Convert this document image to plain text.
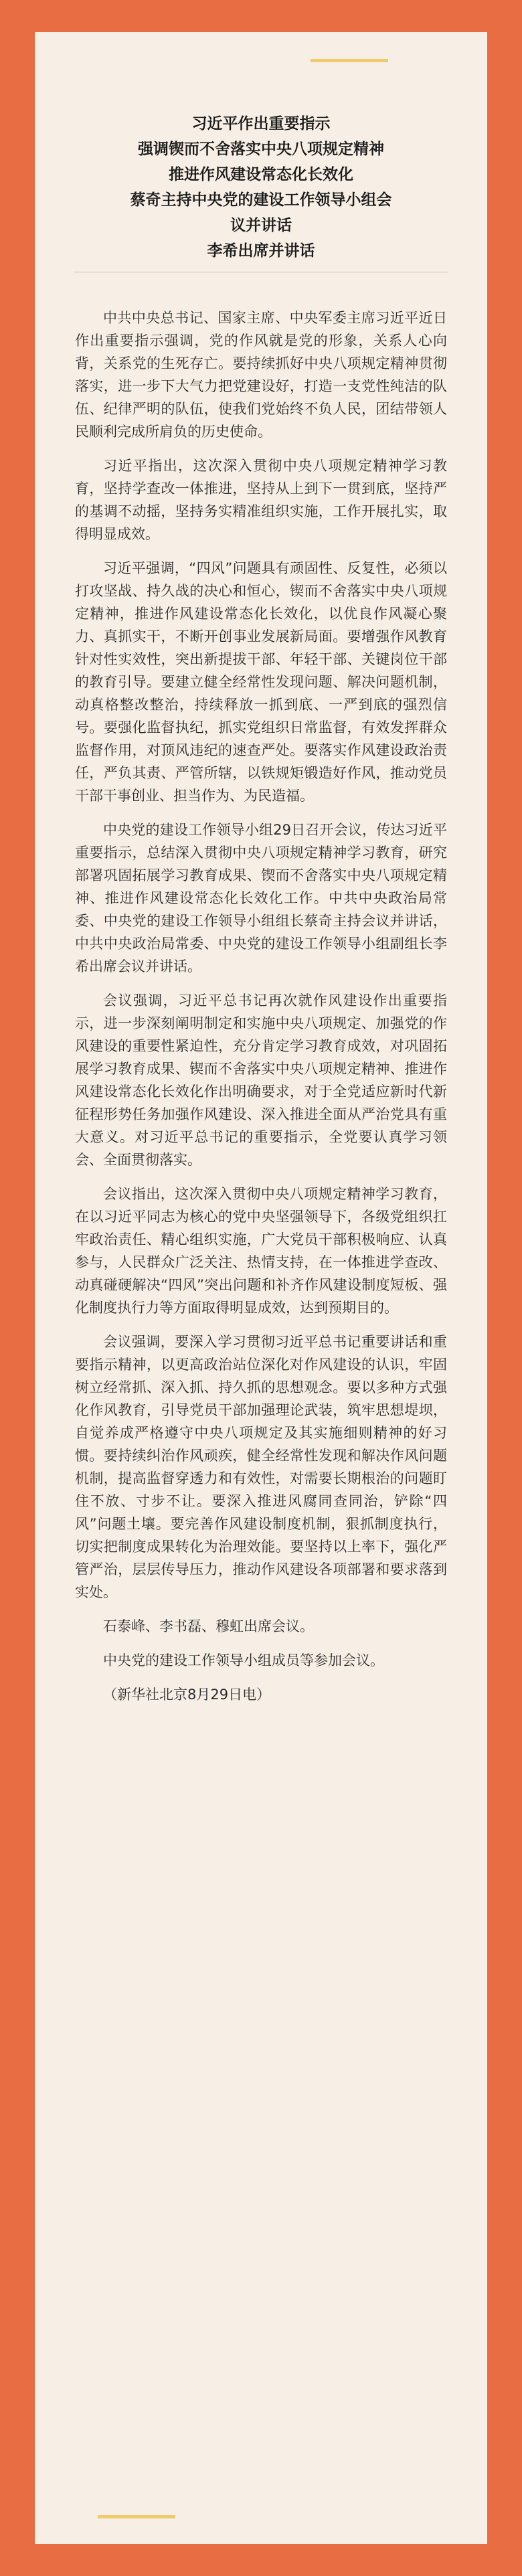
习近平作出重要指示
强调锲而不舍落实中央八项规定精神
推进作风建设常态化长效化
蔡奇主持中央党的建设工作领导小组会
议并讲话
李希出席并讲话

中共中央总书记、国家主席、中央军委主席习近平近日作出重要指示强调，党的作风就是党的形象，关系人心向背，关系党的生死存亡。要持续抓好中央八项规定精神贯彻落实，进一步下大气力把党建设好，打造一支党性纯洁的队伍、纪律严明的队伍，使我们党始终不负人民，团结带领人民顺利完成所肩负的历史使命。

习近平指出，这次深入贯彻中央八项规定精神学习教育，坚持学查改一体推进，坚持从上到下一贯到底，坚持严的基调不动摇，坚持务实精准组织实施，工作开展扎实，取得明显成效。

习近平强调，“四风”问题具有顽固性、反复性，必须以打攻坚战、持久战的决心和恒心，锲而不舍落实中央八项规定精神，推进作风建设常态化长效化，以优良作风凝心聚力、真抓实干，不断开创事业发展新局面。要增强作风教育针对性实效性，突出新提拔干部、年轻干部、关键岗位干部的教育引导。要建立健全经常性发现问题、解决问题机制，动真格整改整治，持续释放一抓到底、一严到底的强烈信号。要强化监督执纪，抓实党组织日常监督，有效发挥群众监督作用，对顶风违纪的速查严处。要落实作风建设政治责任，严负其责、严管所辖，以铁规矩锻造好作风，推动党员干部干事创业、担当作为、为民造福。

中央党的建设工作领导小组29日召开会议，传达习近平重要指示，总结深入贯彻中央八项规定精神学习教育，研究部署巩固拓展学习教育成果、锲而不舍落实中央八项规定精神、推进作风建设常态化长效化工作。中共中央政治局常委、中央党的建设工作领导小组组长蔡奇主持会议并讲话，中共中央政治局常委、中央党的建设工作领导小组副组长李希出席会议并讲话。

会议强调，习近平总书记再次就作风建设作出重要指示，进一步深刻阐明制定和实施中央八项规定、加强党的作风建设的重要性紧迫性，充分肯定学习教育成效，对巩固拓展学习教育成果、锲而不舍落实中央八项规定精神、推进作风建设常态化长效化作出明确要求，对于全党适应新时代新征程形势任务加强作风建设、深入推进全面从严治党具有重大意义。对习近平总书记的重要指示，全党要认真学习领会、全面贯彻落实。

会议指出，这次深入贯彻中央八项规定精神学习教育，在以习近平同志为核心的党中央坚强领导下，各级党组织扛牢政治责任、精心组织实施，广大党员干部积极响应、认真参与，人民群众广泛关注、热情支持，在一体推进学查改、动真碰硬解决“四风”突出问题和补齐作风建设制度短板、强化制度执行力等方面取得明显成效，达到预期目的。

会议强调，要深入学习贯彻习近平总书记重要讲话和重要指示精神，以更高政治站位深化对作风建设的认识，牢固树立经常抓、深入抓、持久抓的思想观念。要以多种方式强化作风教育，引导党员干部加强理论武装，筑牢思想堤坝，自觉养成严格遵守中央八项规定及其实施细则精神的好习惯。要持续纠治作风顽疾，健全经常性发现和解决作风问题机制，提高监督穿透力和有效性，对需要长期根治的问题盯住不放、寸步不让。要深入推进风腐同查同治，铲除“四风”问题土壤。要完善作风建设制度机制，狠抓制度执行，切实把制度成果转化为治理效能。要坚持以上率下，强化严管严治，层层传导压力，推动作风建设各项部署和要求落到实处。

石泰峰、李书磊、穆虹出席会议。

中央党的建设工作领导小组成员等参加会议。

（新华社北京8月29日电）
